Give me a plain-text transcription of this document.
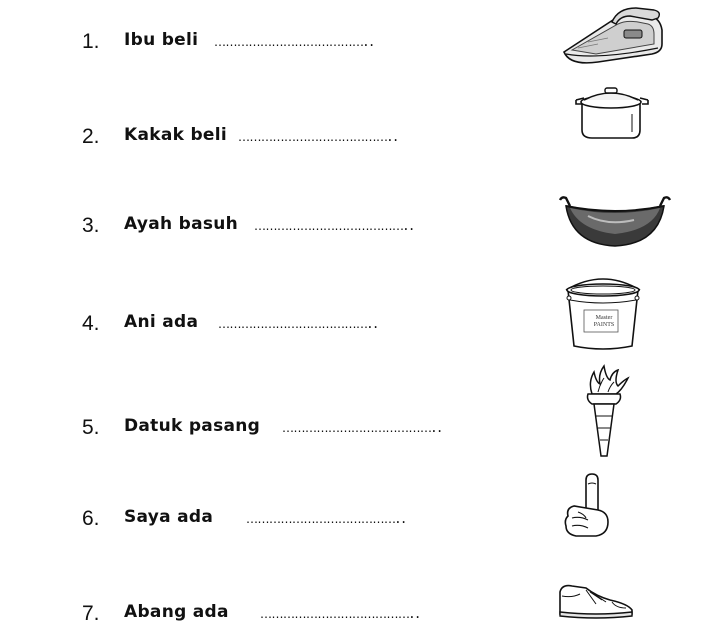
1. Ibu beli …………………………………..
2. Kakak beli …………………………………..
3. Ayah basuh …………………………………..
4. Ani ada …………………………………..
5. Datuk pasang …………………………………..
6. Saya ada	…………………………………..
7. Abang ada	…………………………………..
Master PAINTS
